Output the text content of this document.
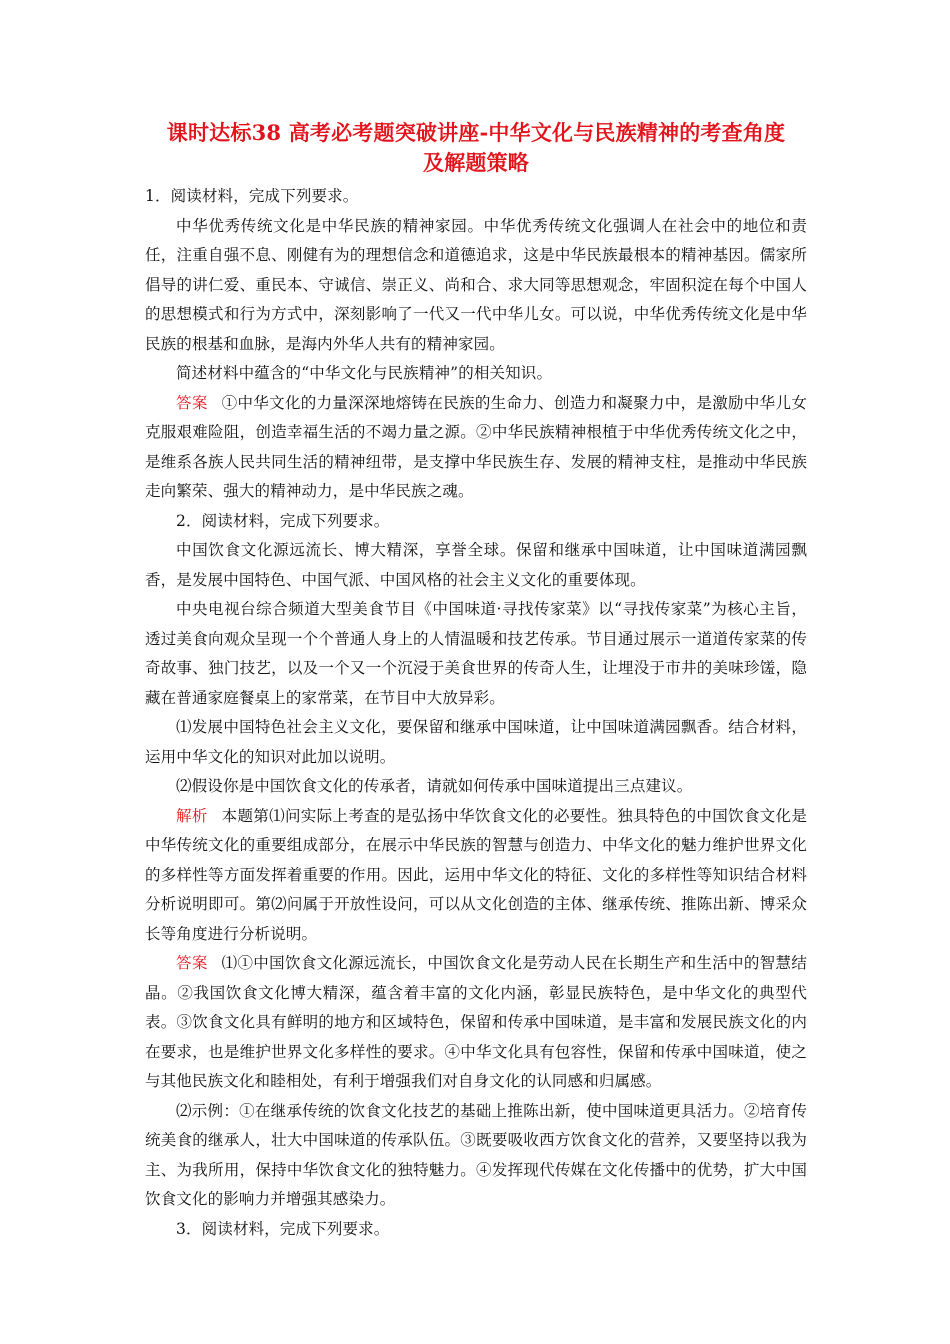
课时达标38 高考必考题突破讲座-中华文化与民族精神的考查角度
及解题策略

1．阅读材料，完成下列要求。

中华优秀传统文化是中华民族的精神家园。中华优秀传统文化强调人在社会中的地位和责任，注重自强不息、刚健有为的理想信念和道德追求，这是中华民族最根本的精神基因。儒家所倡导的讲仁爱、重民本、守诚信、崇正义、尚和合、求大同等思想观念，牢固积淀在每个中国人的思想模式和行为方式中，深刻影响了一代又一代中华儿女。可以说，中华优秀传统文化是中华民族的根基和血脉，是海内外华人共有的精神家园。

简述材料中蕴含的“中华文化与民族精神”的相关知识。

答案 ①中华文化的力量深深地熔铸在民族的生命力、创造力和凝聚力中，是激励中华儿女克服艰难险阻，创造幸福生活的不竭力量之源。②中华民族精神根植于中华优秀传统文化之中，是维系各族人民共同生活的精神纽带，是支撑中华民族生存、发展的精神支柱，是推动中华民族走向繁荣、强大的精神动力，是中华民族之魂。

2．阅读材料，完成下列要求。

中国饮食文化源远流长、博大精深，享誉全球。保留和继承中国味道，让中国味道满园飘香，是发展中国特色、中国气派、中国风格的社会主义文化的重要体现。

中央电视台综合频道大型美食节目《中国味道·寻找传家菜》以“寻找传家菜”为核心主旨，透过美食向观众呈现一个个普通人身上的人情温暖和技艺传承。节目通过展示一道道传家菜的传奇故事、独门技艺，以及一个又一个沉浸于美食世界的传奇人生，让埋没于市井的美味珍馐，隐藏在普通家庭餐桌上的家常菜，在节目中大放异彩。

⑴发展中国特色社会主义文化，要保留和继承中国味道，让中国味道满园飘香。结合材料，运用中华文化的知识对此加以说明。

⑵假设你是中国饮食文化的传承者，请就如何传承中国味道提出三点建议。

解析 本题第⑴问实际上考查的是弘扬中华饮食文化的必要性。独具特色的中国饮食文化是中华传统文化的重要组成部分，在展示中华民族的智慧与创造力、中华文化的魅力维护世界文化的多样性等方面发挥着重要的作用。因此，运用中华文化的特征、文化的多样性等知识结合材料分析说明即可。第⑵问属于开放性设问，可以从文化创造的主体、继承传统、推陈出新、博采众长等角度进行分析说明。

答案 ⑴①中国饮食文化源远流长，中国饮食文化是劳动人民在长期生产和生活中的智慧结晶。②我国饮食文化博大精深，蕴含着丰富的文化内涵，彰显民族特色，是中华文化的典型代表。③饮食文化具有鲜明的地方和区域特色，保留和传承中国味道，是丰富和发展民族文化的内在要求，也是维护世界文化多样性的要求。④中华文化具有包容性，保留和传承中国味道，使之与其他民族文化和睦相处，有利于增强我们对自身文化的认同感和归属感。

⑵示例：①在继承传统的饮食文化技艺的基础上推陈出新，使中国味道更具活力。②培育传统美食的继承人，壮大中国味道的传承队伍。③既要吸收西方饮食文化的营养，又要坚持以我为主、为我所用，保持中华饮食文化的独特魅力。④发挥现代传媒在文化传播中的优势，扩大中国饮食文化的影响力并增强其感染力。

3．阅读材料，完成下列要求。
